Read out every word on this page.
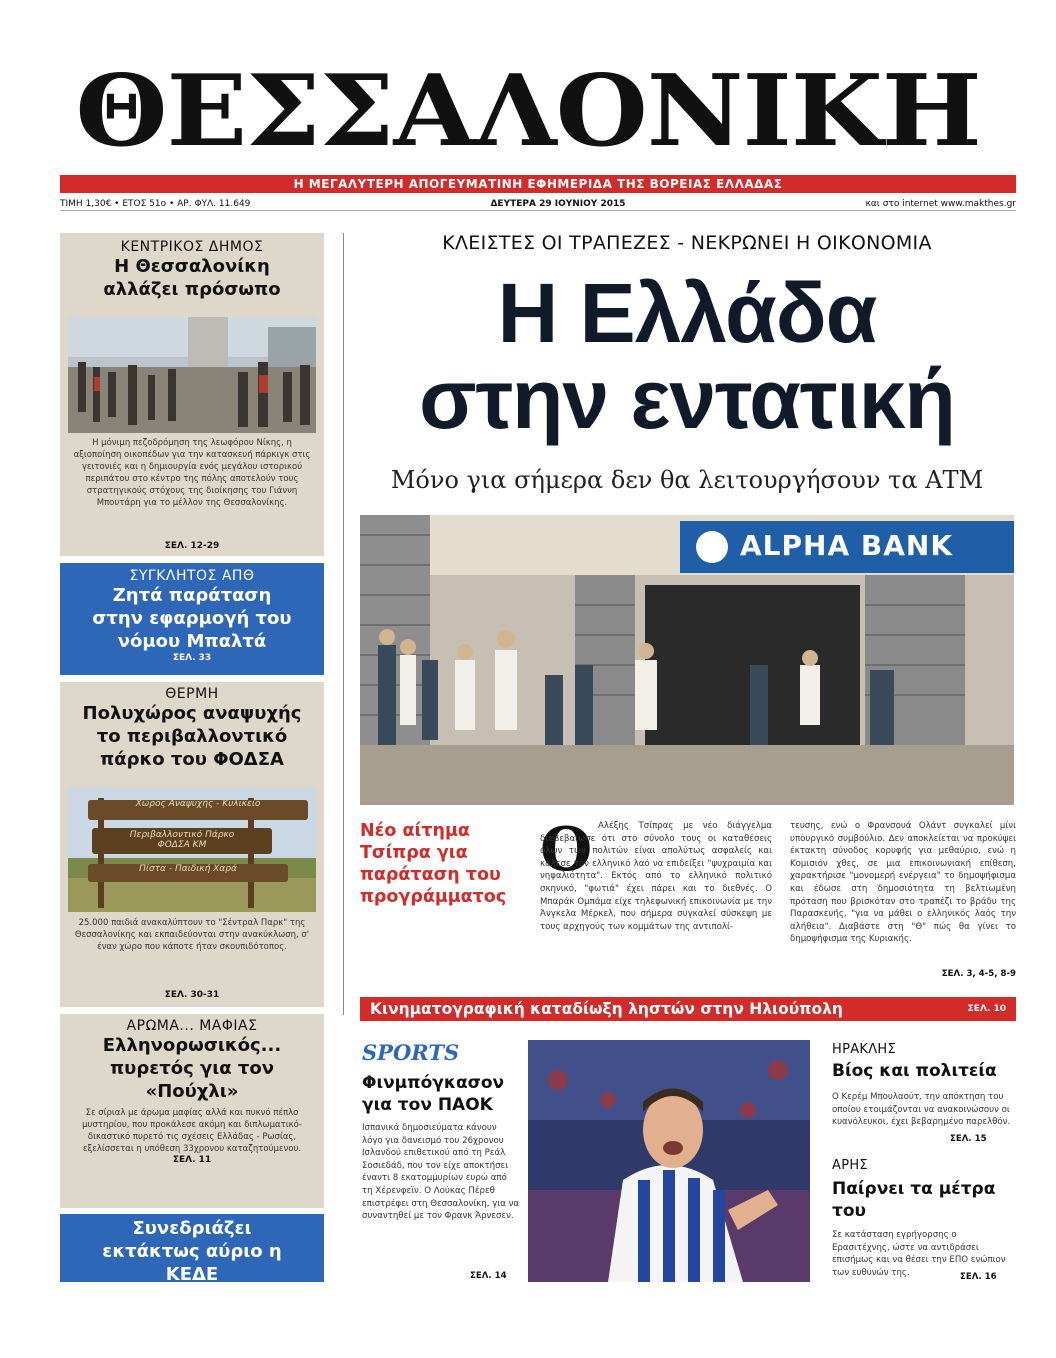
ΘΕΣΣΑΛΟΝΙΚΗ
Η ΜΕΓΑΛΥΤΕΡΗ ΑΠΟΓΕΥΜΑΤΙΝΗ ΕΦΗΜΕΡΙΔΑ ΤΗΣ ΒΟΡΕΙΑΣ ΕΛΛΑΔΑΣ
ΤΙΜΗ 1,30€ • ΕΤΟΣ 51ο • ΑΡ. ΦΥΛ. 11.649	ΔΕΥΤΕΡΑ 29 ΙΟΥΝΙΟΥ 2015	και στο internet www.makthes.gr
ΚΕΝΤΡΙΚΟΣ ΔΗΜΟΣ
Η Θεσσαλονίκη αλλάζει πρόσωπο
Η μόνιμη πεζοδρόμηση της λεωφόρου Νίκης, η αξιοποίηση οικοπέδων για την κατασκευή πάρκιγκ στις γειτονιές και η δημιουργία ενός μεγάλου ιστορικού περιπάτου στο κέντρο της πόλης αποτελούν τους στρατηγικούς στόχους της διοίκησης του Γιάννη Μπουτάρη για το μέλλον της Θεσσαλονίκης.
ΣΕΛ. 12-29
ΣΥΓΚΛΗΤΟΣ ΑΠΘ
Ζητά παράταση στην εφαρμογή του νόμου Μπαλτά
ΣΕΛ. 33
ΘΕΡΜΗ
Πολυχώρος αναψυχής το περιβαλλοντικό πάρκο του ΦΟΔΣΑ
Χώρος Αναψυχής - Κυλικείο
Περιβαλλοντικό Πάρκο ΦΟΔΣΑ ΚΜ
Πίστα - Παιδική Χαρά
25.000 παιδιά ανακαλύπτουν το "Σέντραλ Παρκ" της Θεσσαλονίκης και εκπαιδεύονται στην ανακύκλωση, σ' έναν χώρο που κάποτε ήταν σκουπιδότοπος.
ΣΕΛ. 30-31
ΑΡΩΜΑ... ΜΑΦΙΑΣ
Ελληνορωσικός... πυρετός για τον «Πούχλι»
Σε σίριαλ με άρωμα μαφίας αλλά και πυκνό πέπλο μυστηρίου, που προκάλεσε ακόμη και διπλωματικό-δικαστικό πυρετό τις σχέσεις Ελλάδας - Ρωσίας, εξελίσσεται η υπόθεση 33χρονου καταζητούμενου.
ΣΕΛ. 11
Συνεδριάζει εκτάκτως αύριο η ΚΕΔΕ
ΣΕΛ. 10
ΚΛΕΙΣΤΕΣ ΟΙ ΤΡΑΠΕΖΕΣ - ΝΕΚΡΩΝΕΙ Η ΟΙΚΟΝΟΜΙΑ
Η Ελλάδα
στην εντατική
Μόνο για σήμερα δεν θα λειτουργήσουν τα ΑΤΜ
ALPHA BANK
Νέο αίτημα Τσίπρα για παράταση του προγράμματος
Ο Αλέξης Τσίπρας με νέο διάγγελμα διαβεβαίωσε ότι στο σύνολο τους οι καταθέσεις όλων των πολιτών είναι απολύτως ασφαλείς και κάλεσε τον ελληνικό λαό να επιδείξει "ψυχραιμία και νηφαλιότητα". Εκτός από το ελληνικό πολιτικό σκηνικό, "φωτιά" έχει πάρει και το διεθνές. Ο Μπαράκ Ομπάμα είχε τηλεφωνική επικοινωνία με την Άνγκελα Μέρκελ, που σήμερα συγκαλεί σύσκεψη με τους αρχηγούς των κομμάτων της αντιπολί-
τευσης, ενώ ο Φρανσουά Ολάντ συγκαλεί μίνι υπουργικό συμβούλιο. Δεν αποκλείεται να προκύψει έκτακτη σύνοδος κορυφής για μεθαύριο, ενώ η Κομισιόν χθες, σε μια επικοινωνιακή επίθεση, χαρακτήρισε "μονομερή ενέργεια" το δημοψήφισμα και έδωσε στη δημοσιότητα τη βελτιωμένη πρόταση που βρισκόταν στο τραπέζι το βράδυ της Παρασκευής, "για να μάθει ο ελληνικός λαός την αλήθεια". Διαβάστε στη "Θ" πώς θα γίνει το δημοψήφισμα της Κυριακής.
ΣΕΛ. 3, 4-5, 8-9
Κινηματογραφική καταδίωξη ληστών στην Ηλιούπολη	ΣΕΛ. 10
SPORTS
Φινμπόγκασον για τον ΠΑΟΚ
Ισπανικά δημοσιεύματα κάνουν λόγο για δανεισμό του 26χρονου Ισλανδού επιθετικού από τη Ρεάλ Σοσιεδάδ, που τον είχε αποκτήσει έναντι 8 εκατομμυρίων ευρώ από τη Χέρενφεϊν. Ο Λούκας Πέρεθ επιστρέφει στη Θεσσαλονίκη, για να συναντηθεί με τον Φρανκ Άρνεσεν.
ΣΕΛ. 14
ΗΡΑΚΛΗΣ
Βίος και πολιτεία
Ο Κερέμ Μπουλαούτ, την απόκτηση του οποίου ετοιμάζονται να ανακοινώσουν οι κυανόλευκοι, έχει βεβαρημένο παρελθόν.
ΣΕΛ. 15
ΑΡΗΣ
Παίρνει τα μέτρα του
Σε κατάσταση εγρήγορσης ο Ερασιτέχνης, ώστε να αντιδράσει επισήμως και να θέσει την ΕΠΟ ενώπιον των ευθυνών της.	ΣΕΛ. 16
